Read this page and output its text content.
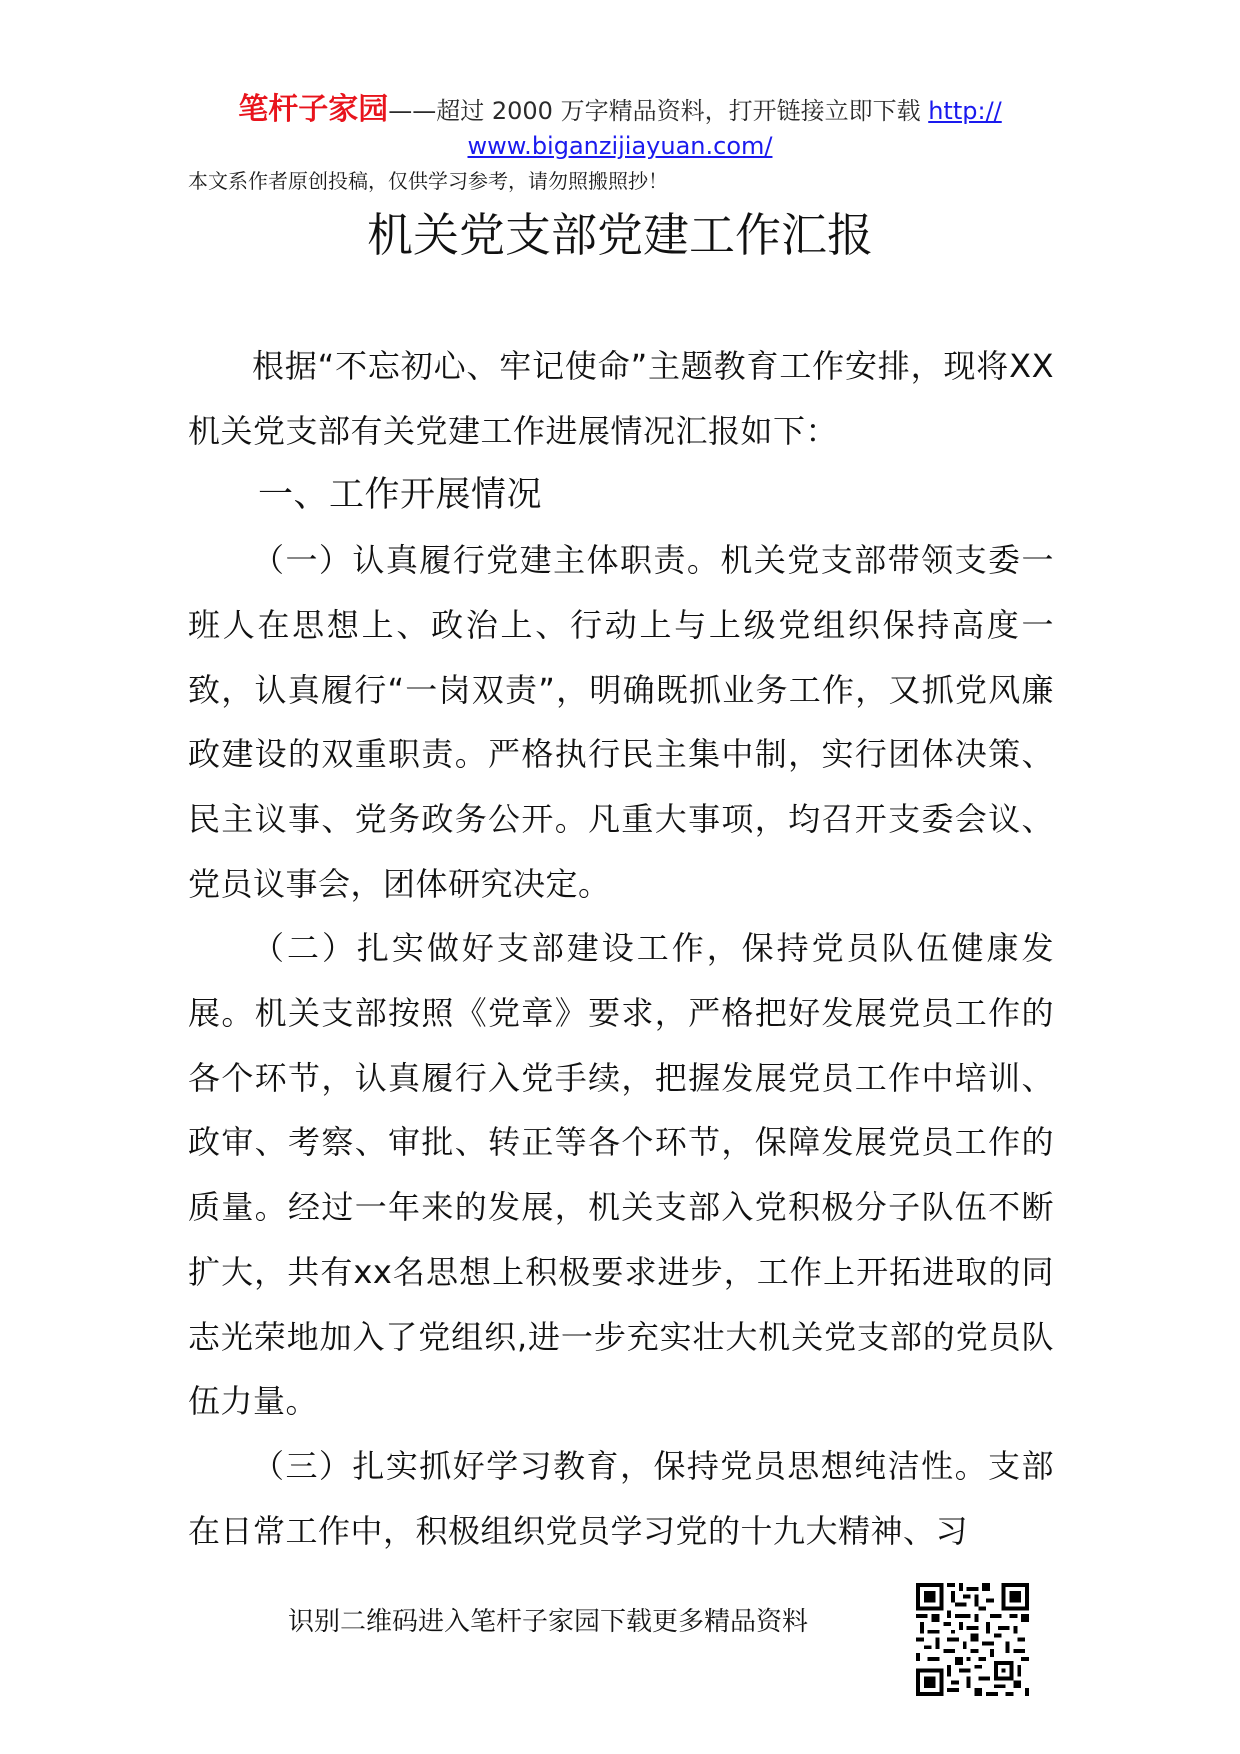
笔杆子家园——超过 2000 万字精品资料，打开链接立即下载 http://
www.biganzijiayuan.com/
本文系作者原创投稿，仅供学习参考，请勿照搬照抄！
机关党支部党建工作汇报

根据“不忘初心、牢记使命”主题教育工作安排，现将XX机关党支部有关党建工作进展情况汇报如下：

一、工作开展情况

（一）认真履行党建主体职责。机关党支部带领支委一班人在思想上、政治上、行动上与上级党组织保持高度一致，认真履行“一岗双责”，明确既抓业务工作，又抓党风廉政建设的双重职责。严格执行民主集中制，实行团体决策、民主议事、党务政务公开。凡重大事项，均召开支委会议、党员议事会，团体研究决定。

（二）扎实做好支部建设工作，保持党员队伍健康发展。机关支部按照《党章》要求，严格把好发展党员工作的各个环节，认真履行入党手续，把握发展党员工作中培训、政审、考察、审批、转正等各个环节，保障发展党员工作的质量。经过一年来的发展，机关支部入党积极分子队伍不断扩大，共有xx名思想上积极要求进步，工作上开拓进取的同志光荣地加入了党组织,进一步充实壮大机关党支部的党员队伍力量。

（三）扎实抓好学习教育，保持党员思想纯洁性。支部在日常工作中，积极组织党员学习党的十九大精神、习

识别二维码进入笔杆子家园下载更多精品资料
